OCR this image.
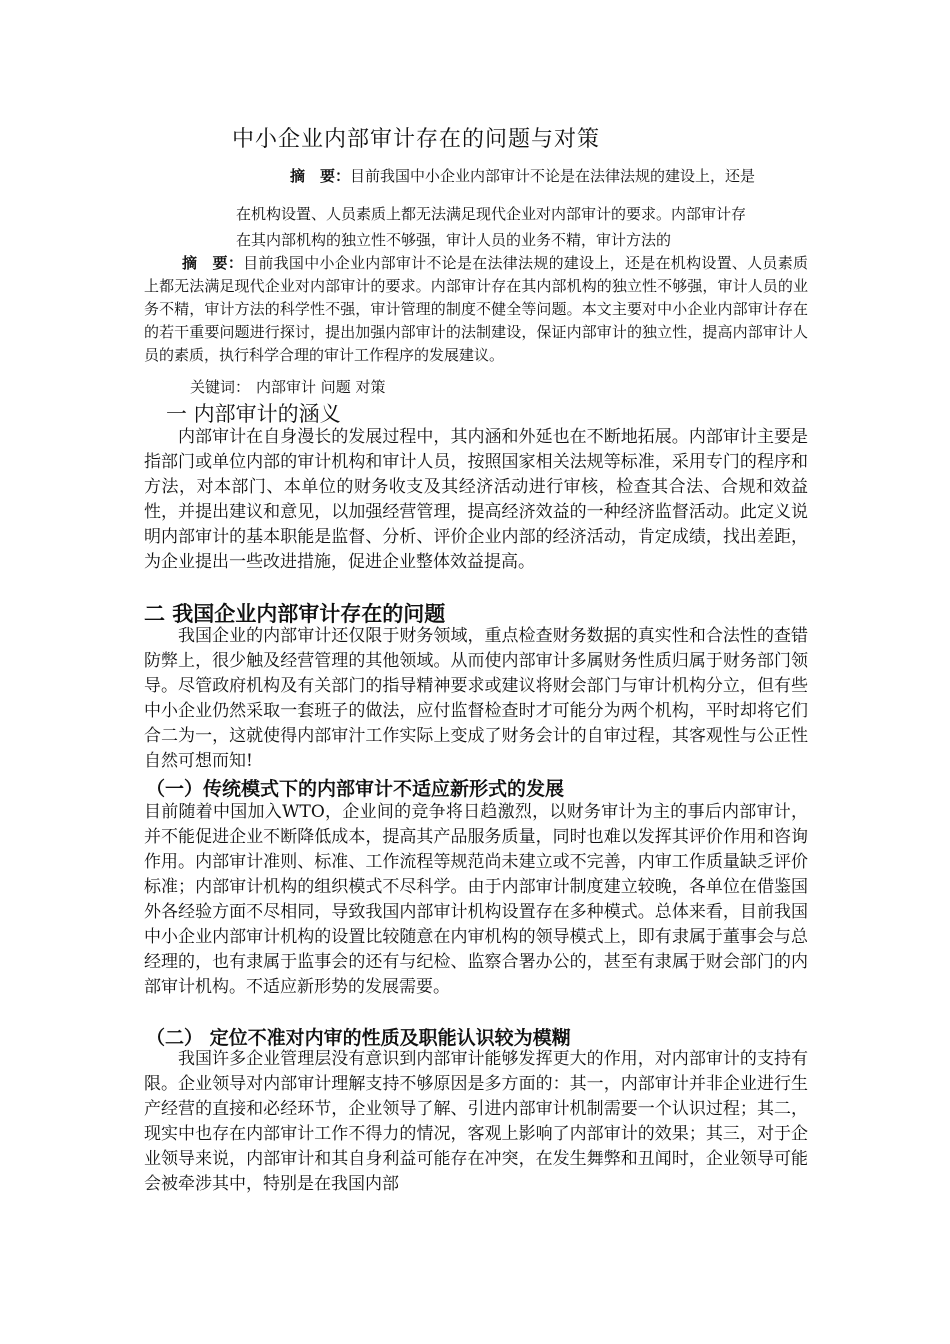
中小企业内部审计存在的问题与对策
摘　要：目前我国中小企业内部审计不论是在法律法规的建设上，还是
在机构设置、人员素质上都无法满足现代企业对内部审计的要求。内部审计存
在其内部机构的独立性不够强，审计人员的业务不精，审计方法的
摘　要：目前我国中小企业内部审计不论是在法律法规的建设上，还是在机构设置、人员素质上都无法满足现代企业对内部审计的要求。内部审计存在其内部机构的独立性不够强，审计人员的业务不精，审计方法的科学性不强，审计管理的制度不健全等问题。本文主要对中小企业内部审计存在的若干重要问题进行探讨，提出加强内部审计的法制建设，保证内部审计的独立性，提高内部审计人员的素质，执行科学合理的审计工作程序的发展建议。
关键词： 内部审计 问题 对策
一 内部审计的涵义
内部审计在自身漫长的发展过程中，其内涵和外延也在不断地拓展。内部审计主要是指部门或单位内部的审计机构和审计人员，按照国家相关法规等标准，采用专门的程序和方法，对本部门、本单位的财务收支及其经济活动进行审核，检查其合法、合规和效益性，并提出建议和意见，以加强经营管理，提高经济效益的一种经济监督活动。此定义说明内部审计的基本职能是监督、分析、评价企业内部的经济活动，肯定成绩，找出差距，为企业提出一些改进措施，促进企业整体效益提高。
二 我国企业内部审计存在的问题
我国企业的内部审计还仅限于财务领域，重点检查财务数据的真实性和合法性的查错防弊上，很少触及经营管理的其他领域。从而使内部审计多属财务性质归属于财务部门领导。尽管政府机构及有关部门的指导精神要求或建议将财会部门与审计机构分立，但有些中小企业仍然采取一套班子的做法，应付监督检查时才可能分为两个机构，平时却将它们合二为一，这就使得内部审汁工作实际上变成了财务会计的自审过程，其客观性与公正性自然可想而知!
（一）传统模式下的内部审计不适应新形式的发展
目前随着中国加入WTO，企业间的竞争将日趋激烈，以财务审计为主的事后内部审计，并不能促进企业不断降低成本，提高其产品服务质量，同时也难以发挥其评价作用和咨询作用。内部审计准则、标准、工作流程等规范尚未建立或不完善，内审工作质量缺乏评价标准；内部审计机构的组织模式不尽科学。由于内部审计制度建立较晚，各单位在借鉴国外各经验方面不尽相同，导致我国内部审计机构设置存在多种模式。总体来看，目前我国中小企业内部审计机构的设置比较随意在内审机构的领导模式上，即有隶属于董事会与总经理的，也有隶属于监事会的还有与纪检、监察合署办公的，甚至有隶属于财会部门的内部审计机构。不适应新形势的发展需要。
（二） 定位不准对内审的性质及职能认识较为模糊
我国许多企业管理层没有意识到内部审计能够发挥更大的作用，对内部审计的支持有限。企业领导对内部审计理解支持不够原因是多方面的：其一，内部审计并非企业进行生产经营的直接和必经环节，企业领导了解、引进内部审计机制需要一个认识过程；其二，现实中也存在内部审计工作不得力的情况，客观上影响了内部审计的效果；其三，对于企业领导来说，内部审计和其自身利益可能存在冲突，在发生舞弊和丑闻时，企业领导可能会被牵涉其中，特别是在我国内部
